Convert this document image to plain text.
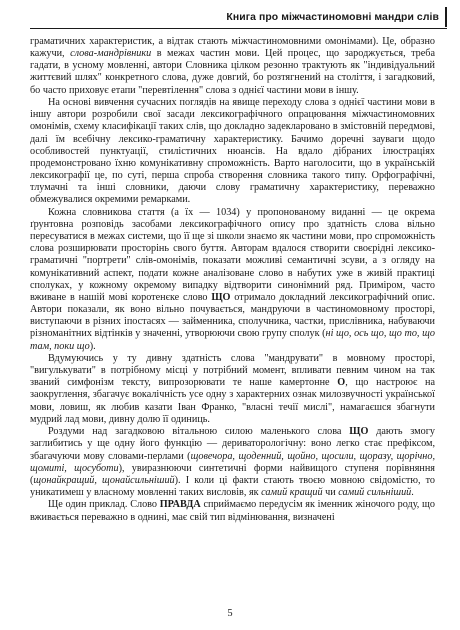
Книга про міжчастиномовні мандри слів

граматичних характеристик, а відтак стають міжчастиномовними омонімами). Це, образно кажучи, слова-мандрівники в межах частин мови. Цей процес, що зароджується, треба гадати, в усному мовленні, автори Словника цілком резонно трактують як "індивідуальний життєвий шлях" конкретного слова, дуже довгий, бо розтягнений на століття, і загадковий, бо часто приховує етапи "перевтілення" слова з однієї частини мови в іншу.

На основі вивчення сучасних поглядів на явище переходу слова з однієї частини мови в іншу автори розробили свої засади лексикографічного опрацювання міжчастиномовних омонімів, схему класифікації таких слів, що докладно задекларовано в змістовній передмові, далі їм всебічну лексико-граматичну характеристику. Бачимо доречні зауваги щодо особливостей пунктуації, стилістичних нюансів. На вдало дібраних ілюстраціях продемонстровано їхню комунікативну спроможність. Варто наголосити, що в українській лексикографії це, по суті, перша спроба створення словника такого типу. Орфографічні, тлумачні та інші словники, даючи слову граматичну характеристику, переважно обмежувалися окремими ремарками.

Кожна словникова стаття (а їх — 1034) у пропонованому виданні — це окрема ґрунтовна розповідь засобами лексикографічного опису про здатність слова вільно пересуватися в межах системи, що її ще зі школи знаємо як частини мови, про спроможність слова розширювати просторінь свого буття. Авторам вдалося створити своєрідні лексико-граматичні "портрети" слів-омонімів, показати можливі семантичні зсуви, а з огляду на комунікативний аспект, подати кожне аналізоване слово в набутих уже в живій практиці сполуках, у кожному окремому випадку відтворити синонімний ряд. Приміром, часто вживане в нашій мові коротенєке слово ЩО отримало докладний лексикографічний опис. Автори показали, як воно вільно почувається, мандруючи в частиномовному просторі, виступаючи в різних іпостасях — займенника, сполучника, частки, прислівника, набуваючи різноманітних відтінків у значенні, утворюючи свою групу сполук (ні що, ось що, що то, що там, поки що).

Вдумуючись у ту дивну здатність слова "мандрувати" в мовному просторі, "вигулькувати" в потрібному місці у потрібний момент, впливати певним чином на так званий симфонізм тексту, випрозорювати те наше камертонне О, що настроює на заокруглення, збагачує вокалічність усе одну з характерних ознак милозвучності української мови, ловиш, як любив казати Іван Франко, "власні течії мислі", намагаєшся збагнути мудрий лад мови, дивну долю її одиниць.

Роздуми над загадковою вітальною силою маленького слова ЩО дають змогу заглибитись у ще одну його функцію — дериваторологічну: воно легко стає префіксом, збагачуючи мову словами-перлами (щовечора, щоденний, щойно, щосили, щоразу, щорічно, щомиті, щосуботи), увиразнюючи синтетичні форми найвищого ступеня порівняння (щонайкращий, щонайсильніший). І коли ці факти стають твоєю мовною свідомістю, то уникатимеш у власному мовленні таких висловів, як самий кращий чи самий сильніший.

Ще один приклад. Слово ПРАВДА сприймаємо передусім як іменник жіночого роду, що вживається переважно в однині, має свій тип відмінювання, визначені

5
